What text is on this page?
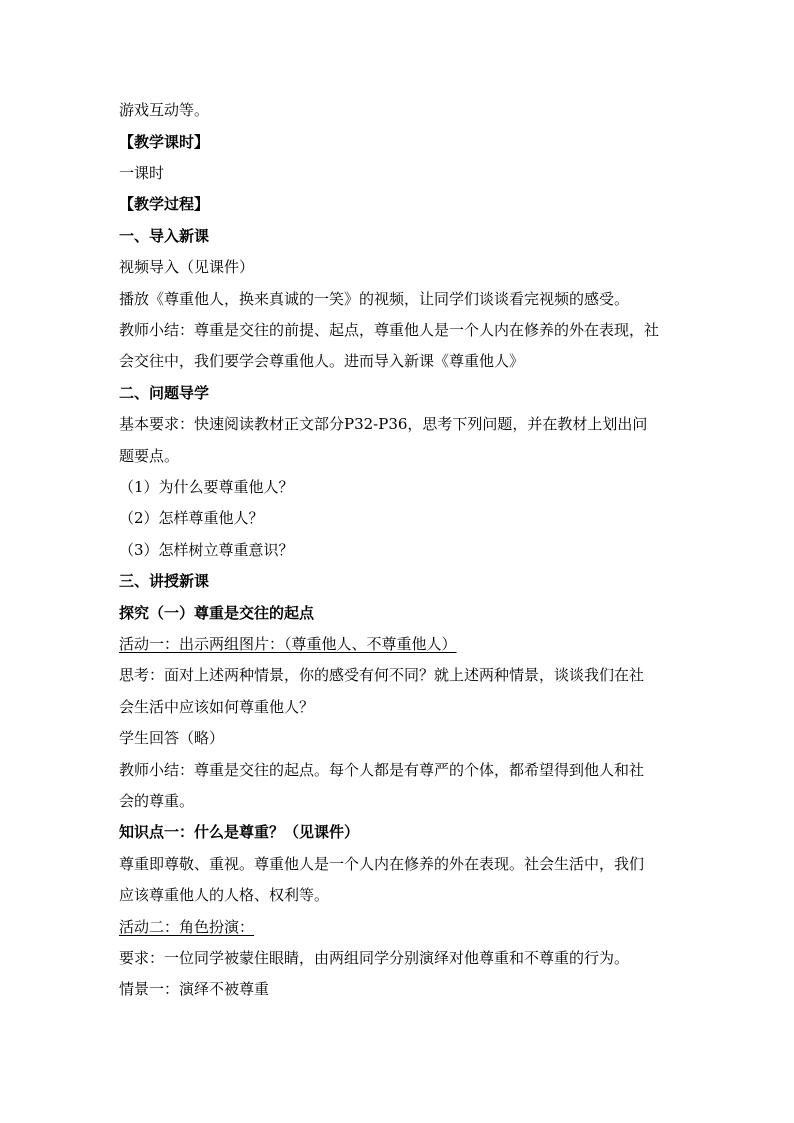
游戏互动等。
【教学课时】
一课时
【教学过程】
一、导入新课
视频导入（见课件）
播放《尊重他人，换来真诚的一笑》的视频，让同学们谈谈看完视频的感受。
教师小结：尊重是交往的前提、起点，尊重他人是一个人内在修养的外在表现，社
会交往中，我们要学会尊重他人。进而导入新课《尊重他人》
二、问题导学
基本要求：快速阅读教材正文部分P32-P36，思考下列问题，并在教材上划出问
题要点。
（1）为什么要尊重他人？
（2）怎样尊重他人？
（3）怎样树立尊重意识？
三、讲授新课
探究（一）尊重是交往的起点
活动一：出示两组图片：（尊重他人、不尊重他人）
思考：面对上述两种情景，你的感受有何不同？就上述两种情景，谈谈我们在社
会生活中应该如何尊重他人？
学生回答（略）
教师小结：尊重是交往的起点。每个人都是有尊严的个体，都希望得到他人和社
会的尊重。
知识点一：什么是尊重？（见课件）
尊重即尊敬、重视。尊重他人是一个人内在修养的外在表现。社会生活中，我们
应该尊重他人的人格、权利等。
活动二：角色扮演：
要求：一位同学被蒙住眼睛，由两组同学分别演绎对他尊重和不尊重的行为。
情景一：演绎不被尊重
